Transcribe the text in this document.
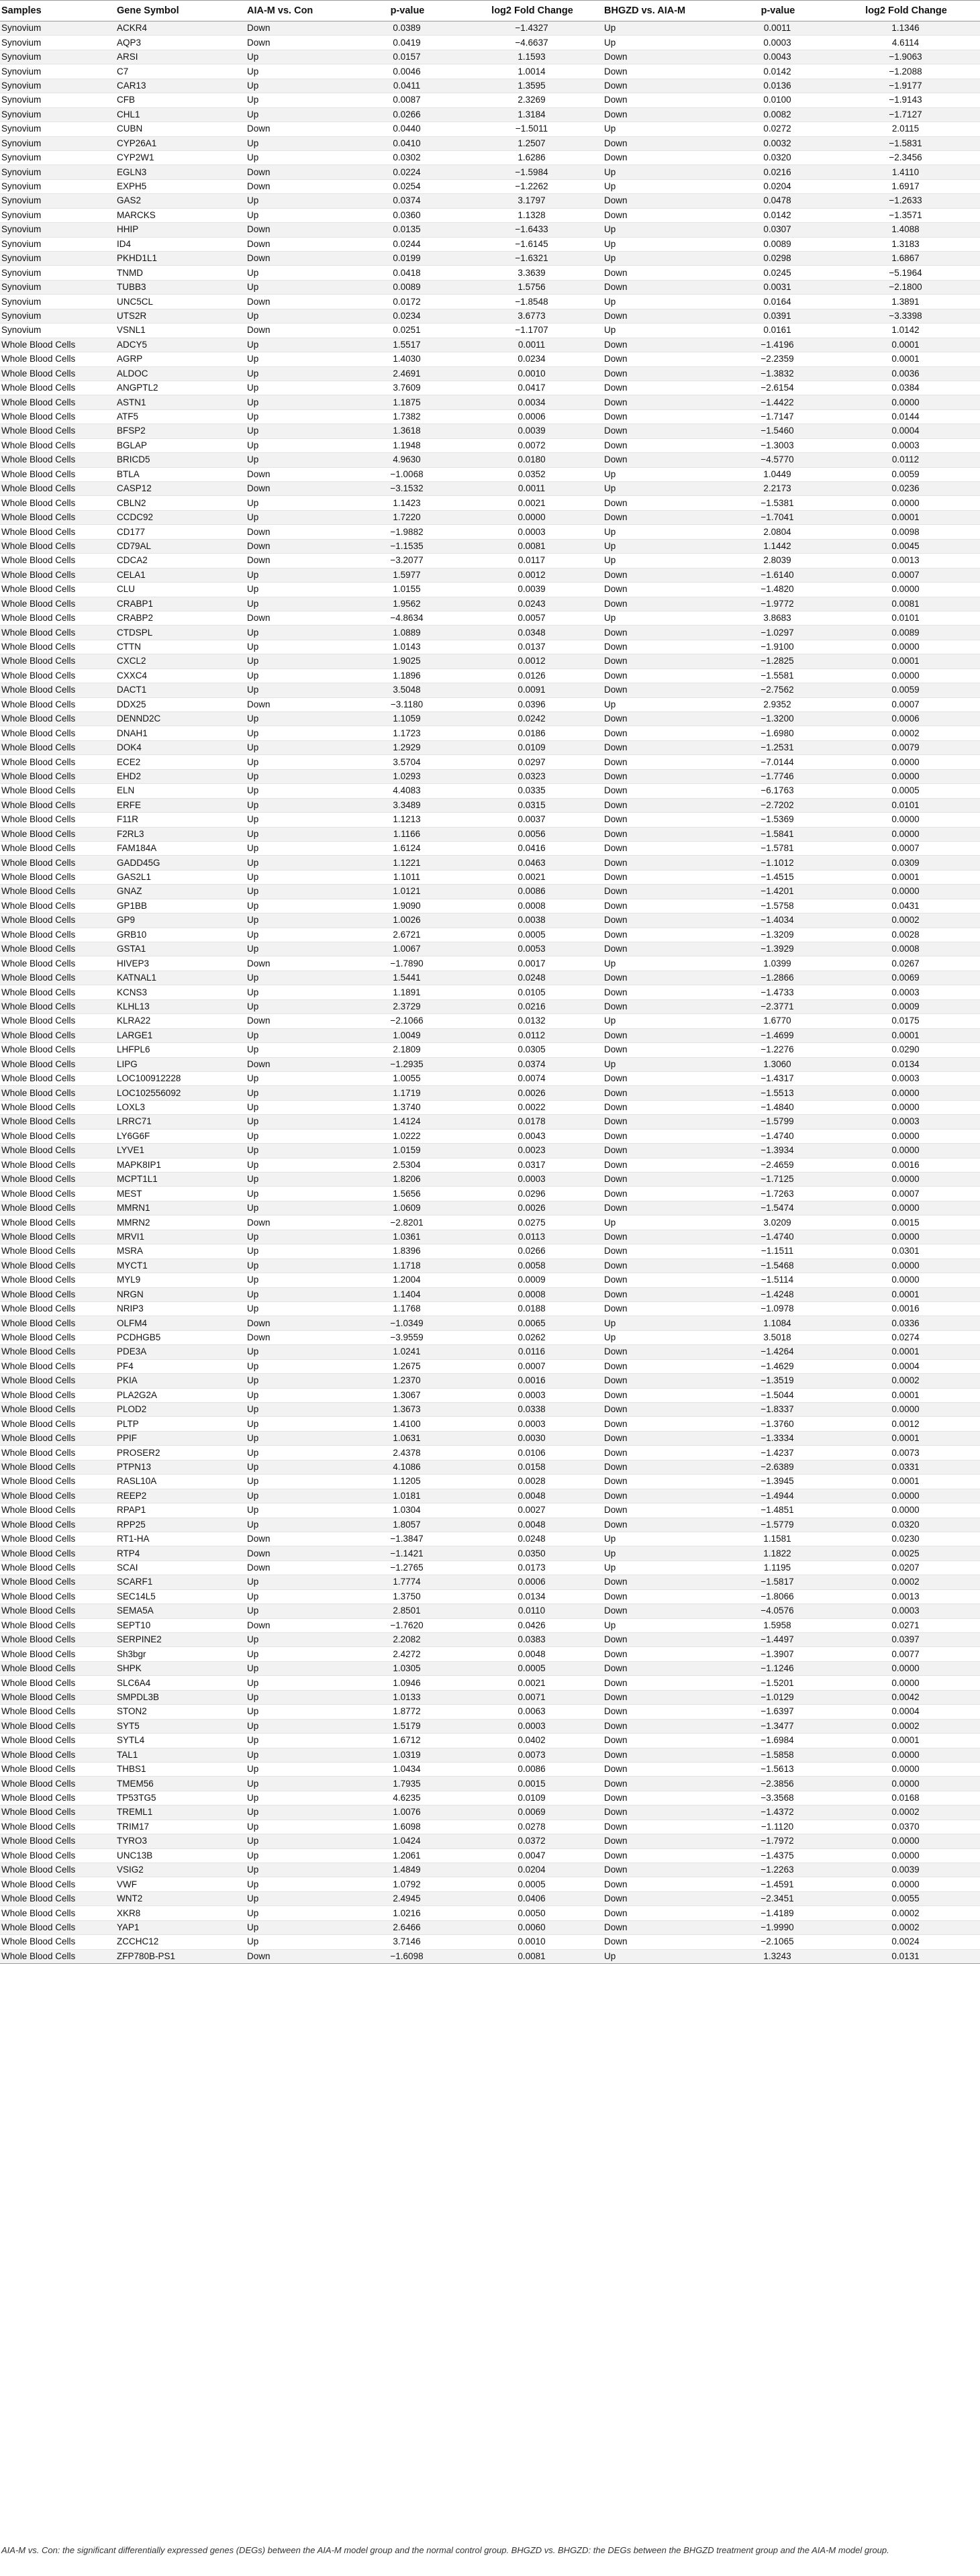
Samples	Gene Symbol	AIA-M vs. Con	p-value	log2 Fold Change	BHGZD vs. AIA-M	p-value	log2 Fold Change
Synovium	ACKR4	Down	0.0389	−1.4327	Up	0.0011	1.1346
Synovium	AQP3	Down	0.0419	−4.6637	Up	0.0003	4.6114
Synovium	ARSI	Up	0.0157	1.1593	Down	0.0043	−1.9063
Synovium	C7	Up	0.0046	1.0014	Down	0.0142	−1.2088
Synovium	CAR13	Up	0.0411	1.3595	Down	0.0136	−1.9177
Synovium	CFB	Up	0.0087	2.3269	Down	0.0100	−1.9143
Synovium	CHL1	Up	0.0266	1.3184	Down	0.0082	−1.7127
Synovium	CUBN	Down	0.0440	−1.5011	Up	0.0272	2.0115
Synovium	CYP26A1	Up	0.0410	1.2507	Down	0.0032	−1.5831
Synovium	CYP2W1	Up	0.0302	1.6286	Down	0.0320	−2.3456
Synovium	EGLN3	Down	0.0224	−1.5984	Up	0.0216	1.4110
Synovium	EXPH5	Down	0.0254	−1.2262	Up	0.0204	1.6917
Synovium	GAS2	Up	0.0374	3.1797	Down	0.0478	−1.2633
Synovium	MARCKS	Up	0.0360	1.1328	Down	0.0142	−1.3571
Synovium	HHIP	Down	0.0135	−1.6433	Up	0.0307	1.4088
Synovium	ID4	Down	0.0244	−1.6145	Up	0.0089	1.3183
Synovium	PKHD1L1	Down	0.0199	−1.6321	Up	0.0298	1.6867
Synovium	TNMD	Up	0.0418	3.3639	Down	0.0245	−5.1964
Synovium	TUBB3	Up	0.0089	1.5756	Down	0.0031	−2.1800
Synovium	UNC5CL	Down	0.0172	−1.8548	Up	0.0164	1.3891
Synovium	UTS2R	Up	0.0234	3.6773	Down	0.0391	−3.3398
Synovium	VSNL1	Down	0.0251	−1.1707	Up	0.0161	1.0142
Whole Blood Cells	ADCY5	Up	1.5517	0.0011	Down	−1.4196	0.0001
Whole Blood Cells	AGRP	Up	1.4030	0.0234	Down	−2.2359	0.0001
Whole Blood Cells	ALDOC	Up	2.4691	0.0010	Down	−1.3832	0.0036
Whole Blood Cells	ANGPTL2	Up	3.7609	0.0417	Down	−2.6154	0.0384
Whole Blood Cells	ASTN1	Up	1.1875	0.0034	Down	−1.4422	0.0000
Whole Blood Cells	ATF5	Up	1.7382	0.0006	Down	−1.7147	0.0144
Whole Blood Cells	BFSP2	Up	1.3618	0.0039	Down	−1.5460	0.0004
Whole Blood Cells	BGLAP	Up	1.1948	0.0072	Down	−1.3003	0.0003
Whole Blood Cells	BRICD5	Up	4.9630	0.0180	Down	−4.5770	0.0112
Whole Blood Cells	BTLA	Down	−1.0068	0.0352	Up	1.0449	0.0059
Whole Blood Cells	CASP12	Down	−3.1532	0.0011	Up	2.2173	0.0236
Whole Blood Cells	CBLN2	Up	1.1423	0.0021	Down	−1.5381	0.0000
Whole Blood Cells	CCDC92	Up	1.7220	0.0000	Down	−1.7041	0.0001
Whole Blood Cells	CD177	Down	−1.9882	0.0003	Up	2.0804	0.0098
Whole Blood Cells	CD79AL	Down	−1.1535	0.0081	Up	1.1442	0.0045
Whole Blood Cells	CDCA2	Down	−3.2077	0.0117	Up	2.8039	0.0013
Whole Blood Cells	CELA1	Up	1.5977	0.0012	Down	−1.6140	0.0007
Whole Blood Cells	CLU	Up	1.0155	0.0039	Down	−1.4820	0.0000
Whole Blood Cells	CRABP1	Up	1.9562	0.0243	Down	−1.9772	0.0081
Whole Blood Cells	CRABP2	Down	−4.8634	0.0057	Up	3.8683	0.0101
Whole Blood Cells	CTDSPL	Up	1.0889	0.0348	Down	−1.0297	0.0089
Whole Blood Cells	CTTN	Up	1.0143	0.0137	Down	−1.9100	0.0000
Whole Blood Cells	CXCL2	Up	1.9025	0.0012	Down	−1.2825	0.0001
Whole Blood Cells	CXXC4	Up	1.1896	0.0126	Down	−1.5581	0.0000
Whole Blood Cells	DACT1	Up	3.5048	0.0091	Down	−2.7562	0.0059
Whole Blood Cells	DDX25	Down	−3.1180	0.0396	Up	2.9352	0.0007
Whole Blood Cells	DENND2C	Up	1.1059	0.0242	Down	−1.3200	0.0006
Whole Blood Cells	DNAH1	Up	1.1723	0.0186	Down	−1.6980	0.0002
Whole Blood Cells	DOK4	Up	1.2929	0.0109	Down	−1.2531	0.0079
Whole Blood Cells	ECE2	Up	3.5704	0.0297	Down	−7.0144	0.0000
Whole Blood Cells	EHD2	Up	1.0293	0.0323	Down	−1.7746	0.0000
Whole Blood Cells	ELN	Up	4.4083	0.0335	Down	−6.1763	0.0005
Whole Blood Cells	ERFE	Up	3.3489	0.0315	Down	−2.7202	0.0101
Whole Blood Cells	F11R	Up	1.1213	0.0037	Down	−1.5369	0.0000
Whole Blood Cells	F2RL3	Up	1.1166	0.0056	Down	−1.5841	0.0000
Whole Blood Cells	FAM184A	Up	1.6124	0.0416	Down	−1.5781	0.0007
Whole Blood Cells	GADD45G	Up	1.1221	0.0463	Down	−1.1012	0.0309
Whole Blood Cells	GAS2L1	Up	1.1011	0.0021	Down	−1.4515	0.0001
Whole Blood Cells	GNAZ	Up	1.0121	0.0086	Down	−1.4201	0.0000
Whole Blood Cells	GP1BB	Up	1.9090	0.0008	Down	−1.5758	0.0431
Whole Blood Cells	GP9	Up	1.0026	0.0038	Down	−1.4034	0.0002
Whole Blood Cells	GRB10	Up	2.6721	0.0005	Down	−1.3209	0.0028
Whole Blood Cells	GSTA1	Up	1.0067	0.0053	Down	−1.3929	0.0008
Whole Blood Cells	HIVEP3	Down	−1.7890	0.0017	Up	1.0399	0.0267
Whole Blood Cells	KATNAL1	Up	1.5441	0.0248	Down	−1.2866	0.0069
Whole Blood Cells	KCNS3	Up	1.1891	0.0105	Down	−1.4733	0.0003
Whole Blood Cells	KLHL13	Up	2.3729	0.0216	Down	−2.3771	0.0009
Whole Blood Cells	KLRA22	Down	−2.1066	0.0132	Up	1.6770	0.0175
Whole Blood Cells	LARGE1	Up	1.0049	0.0112	Down	−1.4699	0.0001
Whole Blood Cells	LHFPL6	Up	2.1809	0.0305	Down	−1.2276	0.0290
Whole Blood Cells	LIPG	Down	−1.2935	0.0374	Up	1.3060	0.0134
Whole Blood Cells	LOC100912228	Up	1.0055	0.0074	Down	−1.4317	0.0003
Whole Blood Cells	LOC102556092	Up	1.1719	0.0026	Down	−1.5513	0.0000
Whole Blood Cells	LOXL3	Up	1.3740	0.0022	Down	−1.4840	0.0000
Whole Blood Cells	LRRC71	Up	1.4124	0.0178	Down	−1.5799	0.0003
Whole Blood Cells	LY6G6F	Up	1.0222	0.0043	Down	−1.4740	0.0000
Whole Blood Cells	LYVE1	Up	1.0159	0.0023	Down	−1.3934	0.0000
Whole Blood Cells	MAPK8IP1	Up	2.5304	0.0317	Down	−2.4659	0.0016
Whole Blood Cells	MCPT1L1	Up	1.8206	0.0003	Down	−1.7125	0.0000
Whole Blood Cells	MEST	Up	1.5656	0.0296	Down	−1.7263	0.0007
Whole Blood Cells	MMRN1	Up	1.0609	0.0026	Down	−1.5474	0.0000
Whole Blood Cells	MMRN2	Down	−2.8201	0.0275	Up	3.0209	0.0015
Whole Blood Cells	MRVI1	Up	1.0361	0.0113	Down	−1.4740	0.0000
Whole Blood Cells	MSRA	Up	1.8396	0.0266	Down	−1.1511	0.0301
Whole Blood Cells	MYCT1	Up	1.1718	0.0058	Down	−1.5468	0.0000
Whole Blood Cells	MYL9	Up	1.2004	0.0009	Down	−1.5114	0.0000
Whole Blood Cells	NRGN	Up	1.1404	0.0008	Down	−1.4248	0.0001
Whole Blood Cells	NRIP3	Up	1.1768	0.0188	Down	−1.0978	0.0016
Whole Blood Cells	OLFM4	Down	−1.0349	0.0065	Up	1.1084	0.0336
Whole Blood Cells	PCDHGB5	Down	−3.9559	0.0262	Up	3.5018	0.0274
Whole Blood Cells	PDE3A	Up	1.0241	0.0116	Down	−1.4264	0.0001
Whole Blood Cells	PF4	Up	1.2675	0.0007	Down	−1.4629	0.0004
Whole Blood Cells	PKIA	Up	1.2370	0.0016	Down	−1.3519	0.0002
Whole Blood Cells	PLA2G2A	Up	1.3067	0.0003	Down	−1.5044	0.0001
Whole Blood Cells	PLOD2	Up	1.3673	0.0338	Down	−1.8337	0.0000
Whole Blood Cells	PLTP	Up	1.4100	0.0003	Down	−1.3760	0.0012
Whole Blood Cells	PPIF	Up	1.0631	0.0030	Down	−1.3334	0.0001
Whole Blood Cells	PROSER2	Up	2.4378	0.0106	Down	−1.4237	0.0073
Whole Blood Cells	PTPN13	Up	4.1086	0.0158	Down	−2.6389	0.0331
Whole Blood Cells	RASL10A	Up	1.1205	0.0028	Down	−1.3945	0.0001
Whole Blood Cells	REEP2	Up	1.0181	0.0048	Down	−1.4944	0.0000
Whole Blood Cells	RPAP1	Up	1.0304	0.0027	Down	−1.4851	0.0000
Whole Blood Cells	RPP25	Up	1.8057	0.0048	Down	−1.5779	0.0320
Whole Blood Cells	RT1-HA	Down	−1.3847	0.0248	Up	1.1581	0.0230
Whole Blood Cells	RTP4	Down	−1.1421	0.0350	Up	1.1822	0.0025
Whole Blood Cells	SCAI	Down	−1.2765	0.0173	Up	1.1195	0.0207
Whole Blood Cells	SCARF1	Up	1.7774	0.0006	Down	−1.5817	0.0002
Whole Blood Cells	SEC14L5	Up	1.3750	0.0134	Down	−1.8066	0.0013
Whole Blood Cells	SEMA5A	Up	2.8501	0.0110	Down	−4.0576	0.0003
Whole Blood Cells	SEPT10	Down	−1.7620	0.0426	Up	1.5958	0.0271
Whole Blood Cells	SERPINE2	Up	2.2082	0.0383	Down	−1.4497	0.0397
Whole Blood Cells	Sh3bgr	Up	2.4272	0.0048	Down	−1.3907	0.0077
Whole Blood Cells	SHPK	Up	1.0305	0.0005	Down	−1.1246	0.0000
Whole Blood Cells	SLC6A4	Up	1.0946	0.0021	Down	−1.5201	0.0000
Whole Blood Cells	SMPDL3B	Up	1.0133	0.0071	Down	−1.0129	0.0042
Whole Blood Cells	STON2	Up	1.8772	0.0063	Down	−1.6397	0.0004
Whole Blood Cells	SYT5	Up	1.5179	0.0003	Down	−1.3477	0.0002
Whole Blood Cells	SYTL4	Up	1.6712	0.0402	Down	−1.6984	0.0001
Whole Blood Cells	TAL1	Up	1.0319	0.0073	Down	−1.5858	0.0000
Whole Blood Cells	THBS1	Up	1.0434	0.0086	Down	−1.5613	0.0000
Whole Blood Cells	TMEM56	Up	1.7935	0.0015	Down	−2.3856	0.0000
Whole Blood Cells	TP53TG5	Up	4.6235	0.0109	Down	−3.3568	0.0168
Whole Blood Cells	TREML1	Up	1.0076	0.0069	Down	−1.4372	0.0002
Whole Blood Cells	TRIM17	Up	1.6098	0.0278	Down	−1.1120	0.0370
Whole Blood Cells	TYRO3	Up	1.0424	0.0372	Down	−1.7972	0.0000
Whole Blood Cells	UNC13B	Up	1.2061	0.0047	Down	−1.4375	0.0000
Whole Blood Cells	VSIG2	Up	1.4849	0.0204	Down	−1.2263	0.0039
Whole Blood Cells	VWF	Up	1.0792	0.0005	Down	−1.4591	0.0000
Whole Blood Cells	WNT2	Up	2.4945	0.0406	Down	−2.3451	0.0055
Whole Blood Cells	XKR8	Up	1.0216	0.0050	Down	−1.4189	0.0002
Whole Blood Cells	YAP1	Up	2.6466	0.0060	Down	−1.9990	0.0002
Whole Blood Cells	ZCCHC12	Up	3.7146	0.0010	Down	−2.1065	0.0024
Whole Blood Cells	ZFP780B-PS1	Down	−1.6098	0.0081	Up	1.3243	0.0131
AIA-M vs. Con: the significant differentially expressed genes (DEGs) between the AIA-M model group and the normal control group. BHGZD vs. BHGZD: the DEGs between the BHGZD treatment group and the AIA-M model group.
